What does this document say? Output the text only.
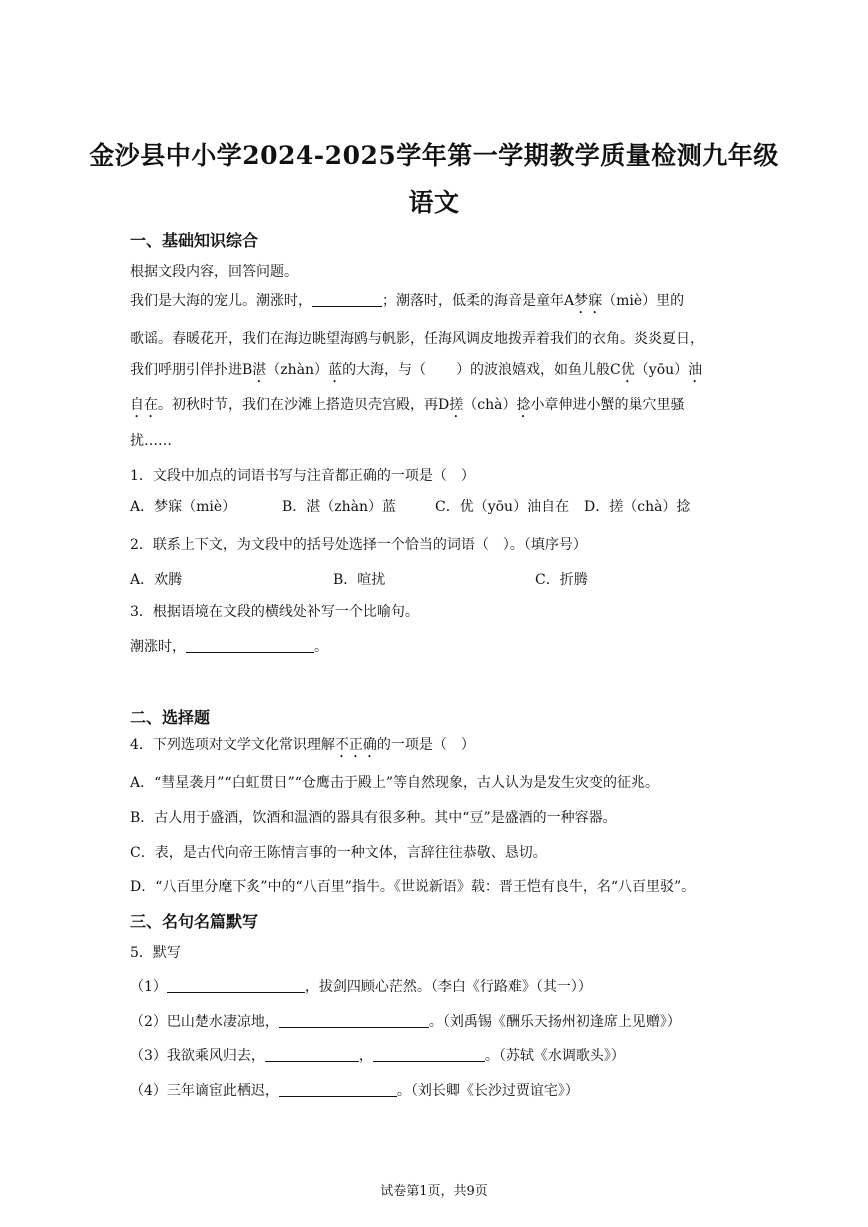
金沙县中小学2024-2025学年第一学期教学质量检测九年级
语文
一、基础知识综合
根据文段内容，回答问题。
我们是大海的宠儿。潮涨时，	；潮落时，低柔的海音是童年A梦寐（miè）里的
歌谣。春暖花开，我们在海边眺望海鸥与帆影，任海风调皮地拨弄着我们的衣角。炎炎夏日，
我们呼朋引伴扑进B湛（zhàn）蓝的大海，与（ ）的波浪嬉戏，如鱼儿般C优（yōu）油
自在。初秋时节，我们在沙滩上搭造贝壳宫殿，再D搓（chà）捻小章伸进小蟹的巢穴里骚
扰……
1．文段中加点的词语书写与注音都正确的一项是（　）
A．梦寐（miè）	B．湛（zhàn）蓝	C．优（yōu）油自在 D．搓（chà）捻
2．联系上下文，为文段中的括号处选择一个恰当的词语（　）。（填序号）
A．欢腾	B．喧扰	C．折腾
3．根据语境在文段的横线处补写一个比喻句。
潮涨时，	。
二、选择题
4．下列选项对文学文化常识理解不正确的一项是（　）
A．“彗星袭月”“白虹贯日”“仓鹰击于殿上”等自然现象，古人认为是发生灾变的征兆。
B．古人用于盛酒，饮酒和温酒的器具有很多种。其中“豆”是盛酒的一种容器。
C．表，是古代向帝王陈情言事的一种文体，言辞往往恭敬、恳切。
D．“八百里分麾下炙”中的“八百里”指牛。《世说新语》载：晋王恺有良牛，名“八百里驳”。
三、名句名篇默写
5．默写
（1）	，拔剑四顾心茫然。（李白《行路难》（其一））
（2）巴山楚水凄凉地，	。（刘禹锡《酬乐天扬州初逢席上见赠》）
（3）我欲乘风归去，	，	。（苏轼《水调歌头》）
（4）三年谪宦此栖迟，	。（刘长卿《长沙过贾谊宅》）
试卷第1页，共9页
